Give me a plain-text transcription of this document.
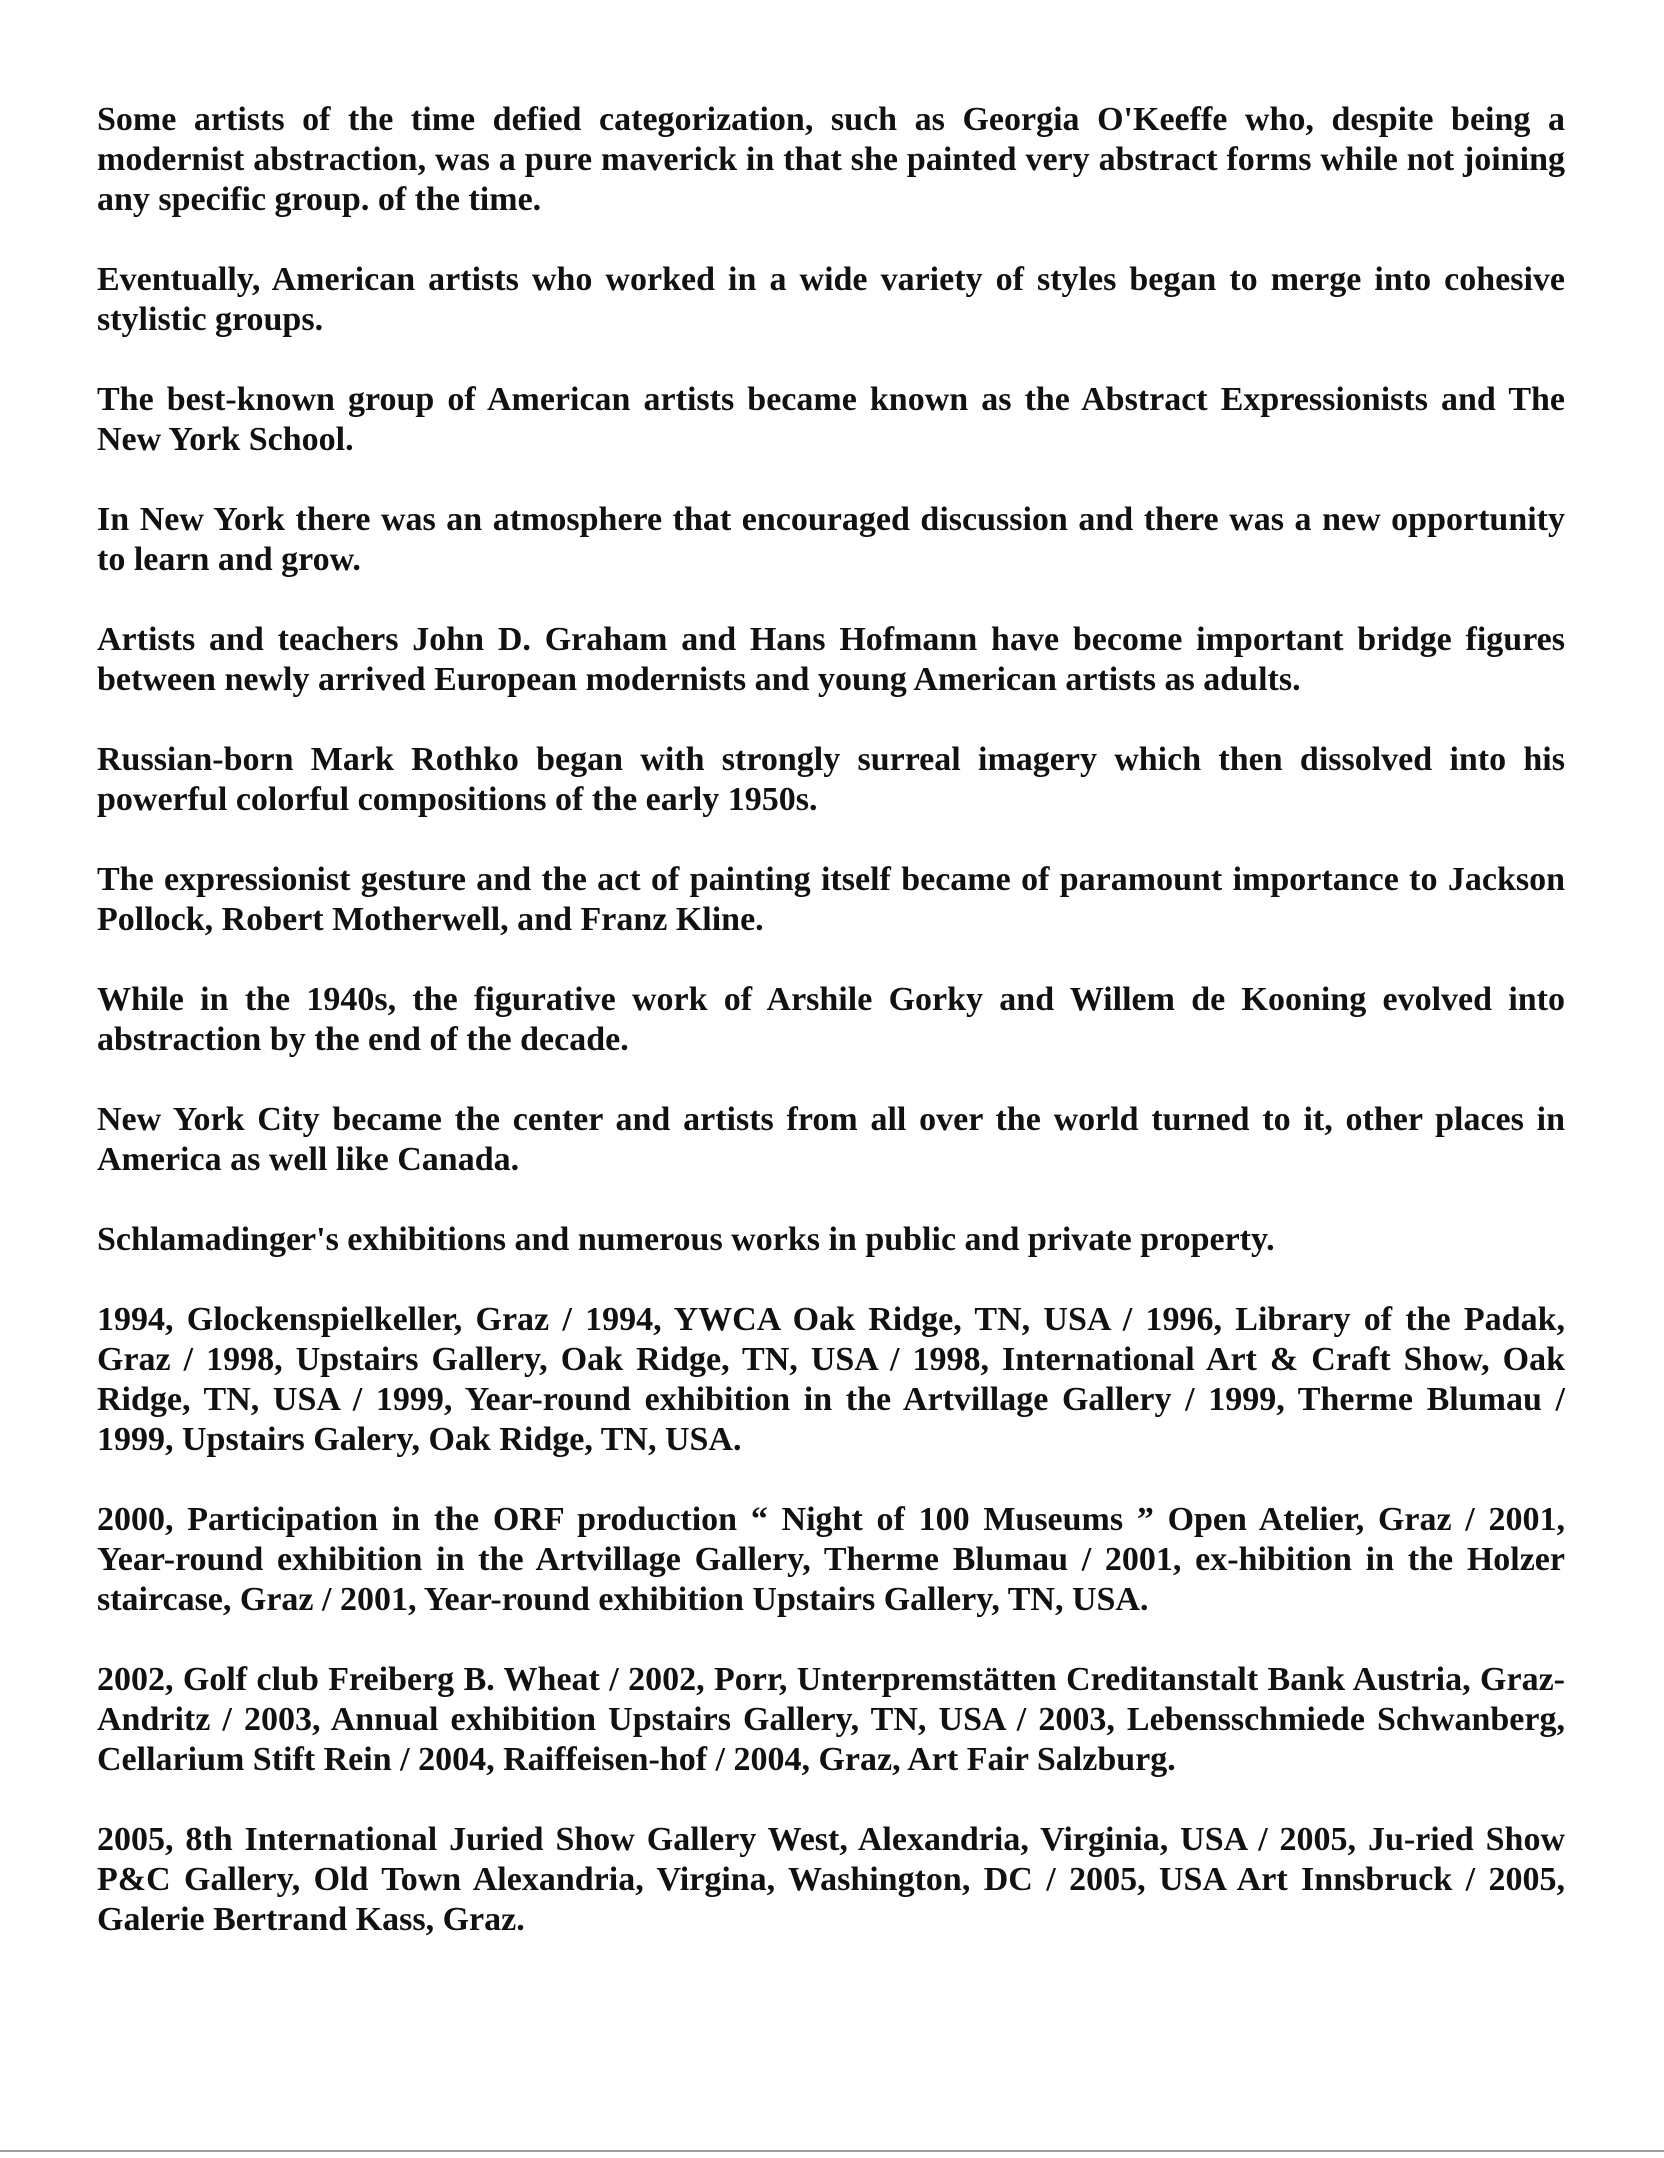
Some artists of the time defied categorization, such as Georgia O'Keeffe who, despite being a modernist abstraction, was a pure maverick in that she painted very abstract forms while not joining any specific group. of the time.

Eventually, American artists who worked in a wide variety of styles began to merge into cohesive stylistic groups.

The best-known group of American artists became known as the Abstract Expressionists and The New York School.

In New York there was an atmosphere that encouraged discussion and there was a new opportunity to learn and grow.

Artists and teachers John D. Graham and Hans Hofmann have become important bridge figures between newly arrived European modernists and young American artists as adults.

Russian-born Mark Rothko began with strongly surreal imagery which then dissolved into his powerful colorful compositions of the early 1950s.

The expressionist gesture and the act of painting itself became of paramount importance to Jackson Pollock, Robert Motherwell, and Franz Kline.

While in the 1940s, the figurative work of Arshile Gorky and Willem de Kooning evolved into abstraction by the end of the decade.

New York City became the center and artists from all over the world turned to it, other places in America as well like Canada.

Schlamadinger's exhibitions and numerous works in public and private property.

1994, Glockenspielkeller, Graz / 1994, YWCA Oak Ridge, TN, USA / 1996, Library of the Padak, Graz / 1998, Upstairs Gallery, Oak Ridge, TN, USA / 1998, International Art & Craft Show, Oak Ridge, TN, USA / 1999, Year-round exhibition in the Artvillage Gallery / 1999, Therme Blumau / 1999, Upstairs Galery, Oak Ridge, TN, USA.

2000, Participation in the ORF production “ Night of 100 Museums ” Open Atelier, Graz / 2001, Year-round exhibition in the Artvillage Gallery, Therme Blumau / 2001, ex-hibition in the Holzer staircase, Graz / 2001, Year-round exhibition Upstairs Gallery, TN, USA.

2002, Golf club Freiberg B. Wheat / 2002, Porr, Unterpremstätten Creditanstalt Bank Austria, Graz-Andritz / 2003, Annual exhibition Upstairs Gallery, TN, USA / 2003, Lebensschmiede Schwanberg, Cellarium Stift Rein / 2004, Raiffeisen-hof / 2004, Graz, Art Fair Salzburg.

2005, 8th International Juried Show Gallery West, Alexandria, Virginia, USA / 2005, Ju-ried Show P&C Gallery, Old Town Alexandria, Virgina, Washington, DC / 2005, USA Art Innsbruck / 2005, Galerie Bertrand Kass, Graz.
